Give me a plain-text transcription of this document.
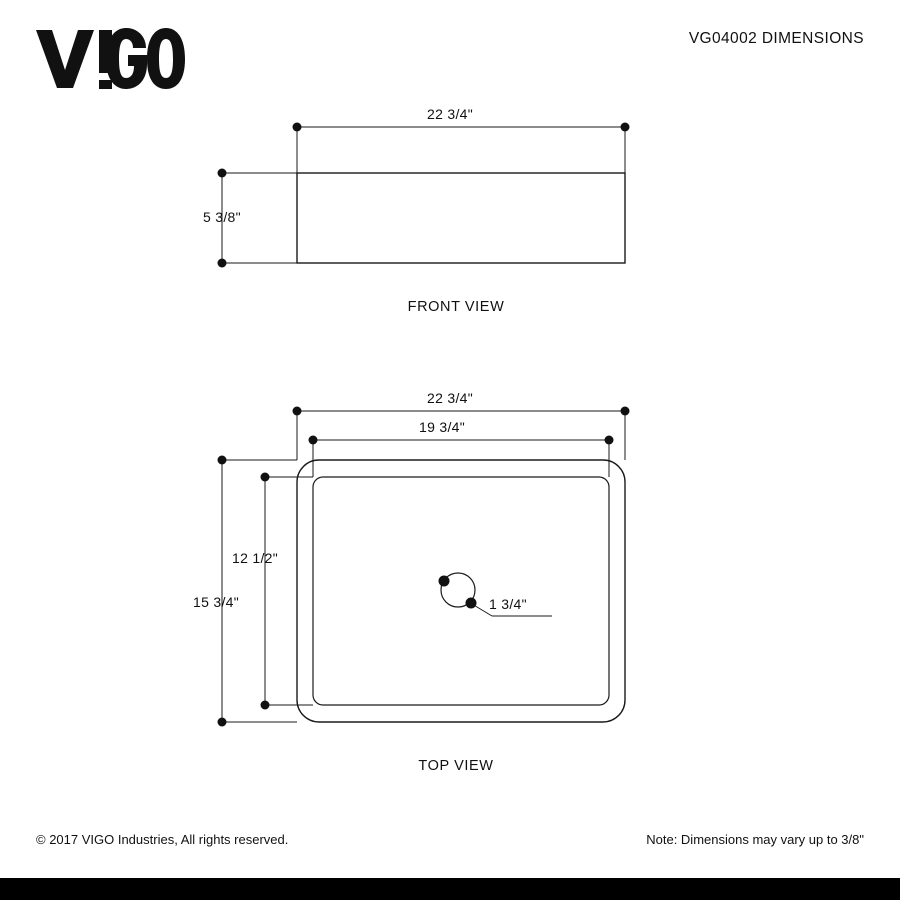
VG04002 DIMENSIONS
22 3/4"
5 3/8"
FRONT VIEW
22 3/4"
19 3/4"
12 1/2"
15 3/4"	1 3/4"
TOP VIEW
© 2017 VIGO Industries, All rights reserved.	Note: Dimensions may vary up to 3/8"
